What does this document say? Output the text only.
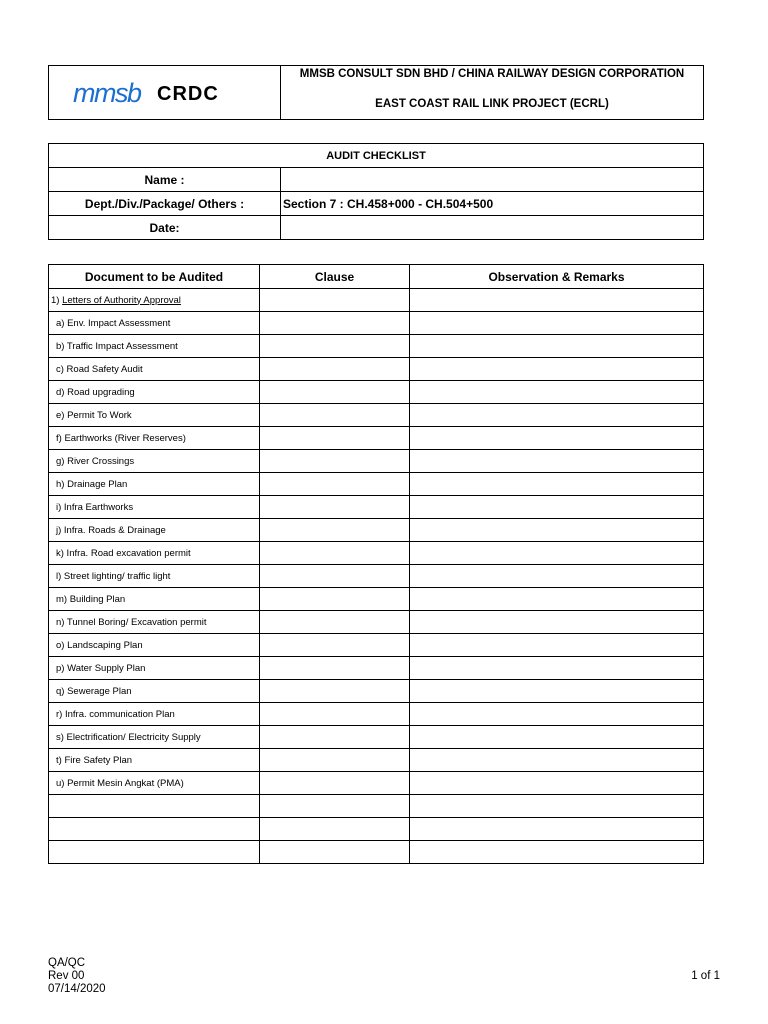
mmsb CRDC

MMSB CONSULT SDN BHD / CHINA RAILWAY DESIGN CORPORATION
EAST COAST RAIL LINK PROJECT (ECRL)
AUDIT CHECKLIST	
Name :	
Dept./Div./Package/ Others :	Section 7 : CH.458+000 - CH.504+500
Date:	
Document to be Audited	Clause	Observation & Remarks
1) Letters of Authority Approval		
a) Env. Impact Assessment		
b) Traffic Impact Assessment		
c) Road Safety Audit		
d) Road upgrading		
e) Permit To Work		
f) Earthworks (River Reserves)		
g) River Crossings		
h) Drainage Plan		
i) Infra Earthworks		
j) Infra. Roads & Drainage		
k) Infra. Road excavation permit		
l) Street lighting/ traffic light		
m) Building Plan		
n) Tunnel Boring/ Excavation permit		
o) Landscaping Plan		
p) Water Supply Plan		
q) Sewerage Plan		
r) Infra. communication Plan		
s) Electrification/ Electricity Supply		
t) Fire Safety Plan		
u) Permit Mesin Angkat (PMA)		

QA/QC
Rev 00
07/14/2020
1 of 1
